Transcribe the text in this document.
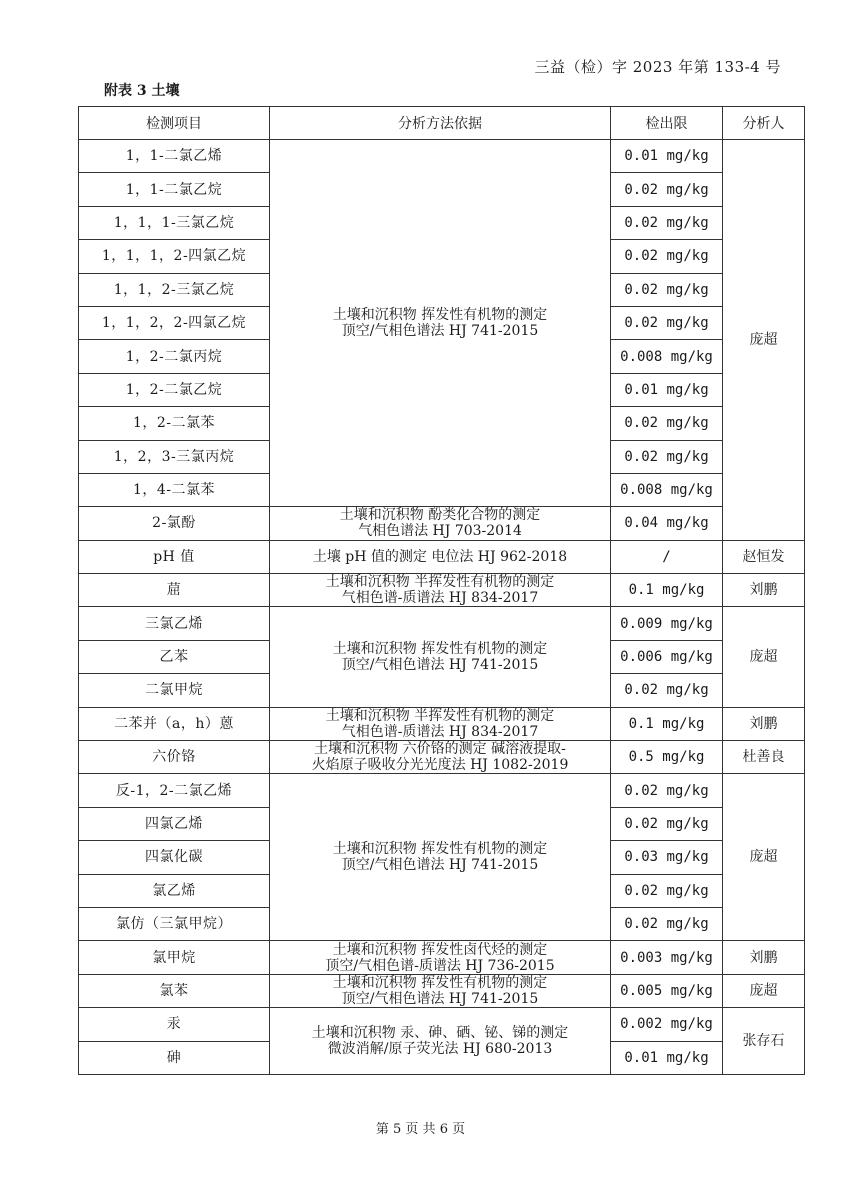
三益（检）字 2023 年第 133-4 号
附表 3 土壤
检测项目	分析方法依据	检出限	分析人
1，1-二氯乙烯	土壤和沉积物 挥发性有机物的测定
顶空/气相色谱法 HJ 741-2015	0.01 mg/kg	庞超
1，1-二氯乙烷		0.02 mg/kg	
1，1，1-三氯乙烷		0.02 mg/kg	
1，1，1，2-四氯乙烷		0.02 mg/kg	
1，1，2-三氯乙烷		0.02 mg/kg	
1，1，2，2-四氯乙烷		0.02 mg/kg	
1，2-二氯丙烷		0.008 mg/kg	
1，2-二氯乙烷		0.01 mg/kg	
1，2-二氯苯		0.02 mg/kg	
1，2，3-三氯丙烷		0.02 mg/kg	
1，4-二氯苯		0.008 mg/kg	
2-氯酚	土壤和沉积物 酚类化合物的测定
气相色谱法 HJ 703-2014	0.04 mg/kg	
pH 值	土壤 pH 值的测定 电位法 HJ 962-2018	/	赵恒发
䓛	土壤和沉积物 半挥发性有机物的测定
气相色谱-质谱法 HJ 834-2017	0.1 mg/kg	刘鹏
三氯乙烯	土壤和沉积物 挥发性有机物的测定
顶空/气相色谱法 HJ 741-2015	0.009 mg/kg	庞超
乙苯		0.006 mg/kg	
二氯甲烷		0.02 mg/kg	
二苯并（a，h）蒽	土壤和沉积物 半挥发性有机物的测定
气相色谱-质谱法 HJ 834-2017	0.1 mg/kg	刘鹏
六价铬	土壤和沉积物 六价铬的测定 碱溶液提取-
火焰原子吸收分光光度法 HJ 1082-2019	0.5 mg/kg	杜善良
反-1，2-二氯乙烯	土壤和沉积物 挥发性有机物的测定
顶空/气相色谱法 HJ 741-2015	0.02 mg/kg	庞超
四氯乙烯		0.02 mg/kg	
四氯化碳		0.03 mg/kg	
氯乙烯		0.02 mg/kg	
氯仿（三氯甲烷）		0.02 mg/kg	
氯甲烷	土壤和沉积物 挥发性卤代烃的测定
顶空/气相色谱-质谱法 HJ 736-2015	0.003 mg/kg	刘鹏
氯苯	土壤和沉积物 挥发性有机物的测定
顶空/气相色谱法 HJ 741-2015	0.005 mg/kg	庞超
汞	土壤和沉积物 汞、砷、硒、铋、锑的测定
微波消解/原子荧光法 HJ 680-2013	0.002 mg/kg	张存石
砷		0.01 mg/kg	
第 5 页 共 6 页
